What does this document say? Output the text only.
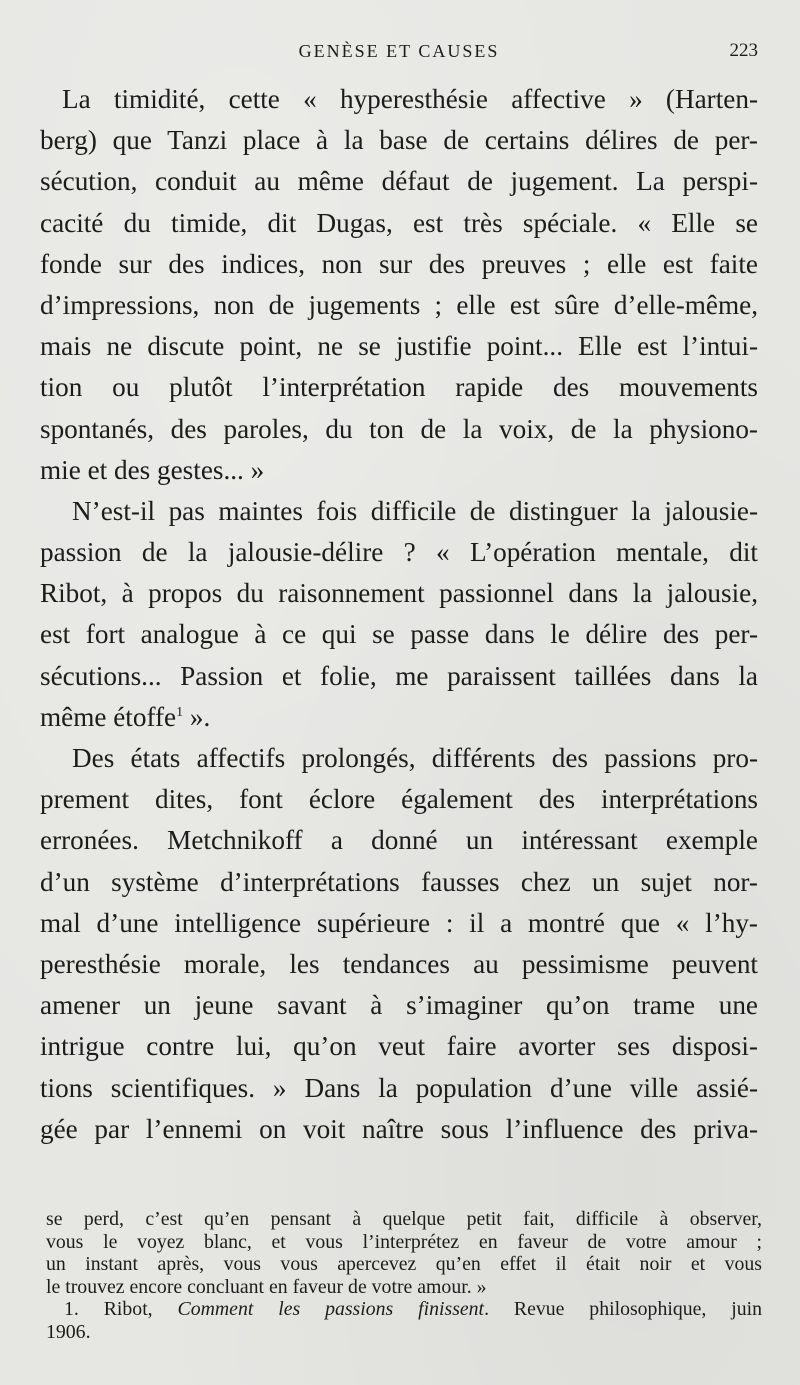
GENÈSE ET CAUSES	223
La timidité, cette « hyperesthésie affective » (Harten-
berg) que Tanzi place à la base de certains délires de per-
sécution, conduit au même défaut de jugement. La perspi-
cacité du timide, dit Dugas, est très spéciale. « Elle se
fonde sur des indices, non sur des preuves ; elle est faite
d’impressions, non de jugements ; elle est sûre d’elle-même,
mais ne discute point, ne se justifie point... Elle est l’intui-
tion ou plutôt l’interprétation rapide des mouvements
spontanés, des paroles, du ton de la voix, de la physiono-
mie et des gestes... »
N’est-il pas maintes fois difficile de distinguer la jalousie-
passion de la jalousie-délire ? « L’opération mentale, dit
Ribot, à propos du raisonnement passionnel dans la jalousie,
est fort analogue à ce qui se passe dans le délire des per-
sécutions... Passion et folie, me paraissent taillées dans la
même étoffe$^1$ ».
Des états affectifs prolongés, différents des passions pro-
prement dites, font éclore également des interprétations
erronées. Metchnikoff a donné un intéressant exemple
d’un système d’interprétations fausses chez un sujet nor-
mal d’une intelligence supérieure : il a montré que « l’hy-
peresthésie morale, les tendances au pessimisme peuvent
amener un jeune savant à s’imaginer qu’on trame une
intrigue contre lui, qu’on veut faire avorter ses disposi-
tions scientifiques. » Dans la population d’une ville assié-
gée par l’ennemi on voit naître sous l’influence des priva-
se perd, c’est qu’en pensant à quelque petit fait, difficile à observer,
vous le voyez blanc, et vous l’interprétez en faveur de votre amour ;
un instant après, vous vous apercevez qu’en effet il était noir et vous
le trouvez encore concluant en faveur de votre amour. »
1. Ribot, Comment les passions finissent. Revue philosophique, juin
1906.
